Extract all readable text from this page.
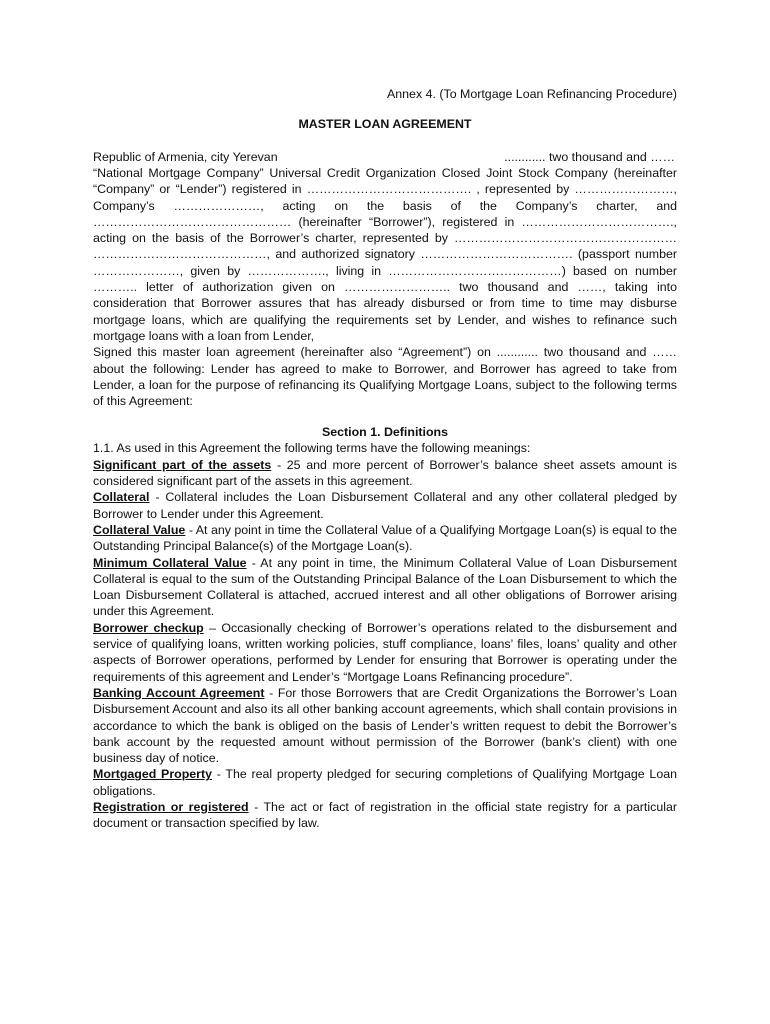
Annex 4. (To Mortgage Loan Refinancing Procedure)
MASTER LOAN AGREEMENT
Republic of Armenia, city Yerevan	............ two thousand and ……

“National Mortgage Company” Universal Credit Organization Closed Joint Stock Company (hereinafter “Company” or “Lender”) registered in …………………………………. , represented by ……………………, Company’s …………………, acting on the basis of the Company’s charter, and ………………………………………… (hereinafter “Borrower”), registered in ………………………………., acting on the basis of the Borrower’s charter, represented by ……………………………………………… ……………………………………, and authorized signatory ………………………………. (passport number …………………, given by ………………., living in ……………………………………) based on number ……….. letter of authorization given on …………………….. two thousand and ……, taking into consideration that Borrower assures that has already disbursed or from time to time may disburse mortgage loans, which are qualifying the requirements set by Lender, and wishes to refinance such mortgage loans with a loan from Lender,

Signed this master loan agreement (hereinafter also “Agreement”) on ............ two thousand and …… about the following: Lender has agreed to make to Borrower, and Borrower has agreed to take from Lender, a loan for the purpose of refinancing its Qualifying Mortgage Loans, subject to the following terms of this Agreement:

Section 1. Definitions

1.1. As used in this Agreement the following terms have the following meanings:

Significant part of the assets - 25 and more percent of Borrower’s balance sheet assets amount is considered significant part of the assets in this agreement.

Collateral - Collateral includes the Loan Disbursement Collateral and any other collateral pledged by Borrower to Lender under this Agreement.

Collateral Value - At any point in time the Collateral Value of a Qualifying Mortgage Loan(s) is equal to the Outstanding Principal Balance(s) of the Mortgage Loan(s).

Minimum Collateral Value - At any point in time, the Minimum Collateral Value of Loan Disbursement Collateral is equal to the sum of the Outstanding Principal Balance of the Loan Disbursement to which the Loan Disbursement Collateral is attached, accrued interest and all other obligations of Borrower arising under this Agreement.

Borrower checkup – Occasionally checking of Borrower’s operations related to the disbursement and service of qualifying loans, written working policies, stuff compliance, loans’ files, loans’ quality and other aspects of Borrower operations, performed by Lender for ensuring that Borrower is operating under the requirements of this agreement and Lender’s “Mortgage Loans Refinancing procedure”.

Banking Account Agreement - For those Borrowers that are Credit Organizations the Borrower’s Loan Disbursement Account and also its all other banking account agreements, which shall contain provisions in accordance to which the bank is obliged on the basis of Lender’s written request to debit the Borrower’s bank account by the requested amount without permission of the Borrower (bank’s client) with one business day of notice.

Mortgaged Property - The real property pledged for securing completions of Qualifying Mortgage Loan obligations.

Registration or registered - The act or fact of registration in the official state registry for a particular document or transaction specified by law.
